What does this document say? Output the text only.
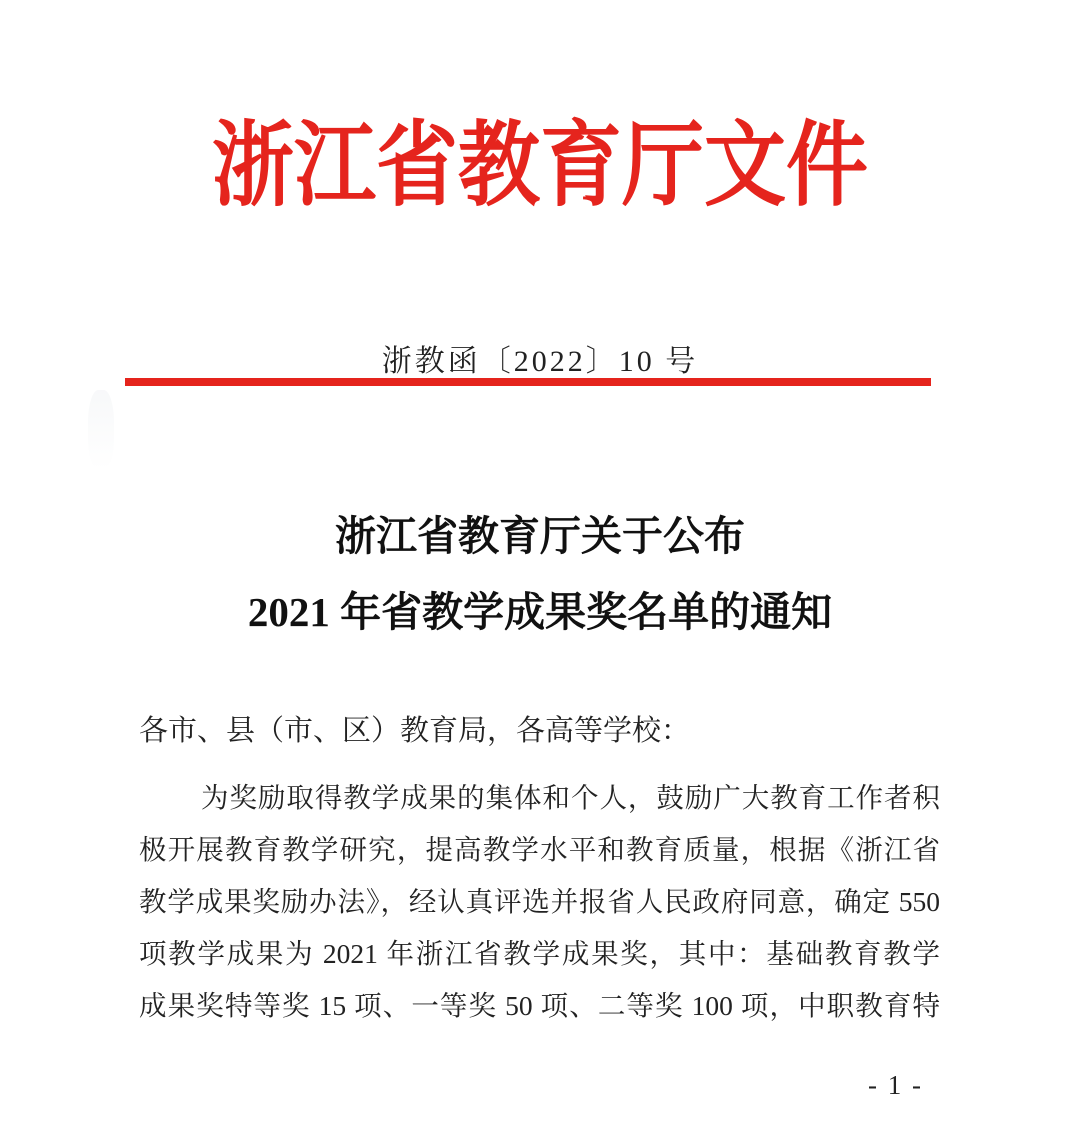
浙江省教育厅文件
浙教函〔2022〕10 号
浙江省教育厅关于公布
2021 年省教学成果奖名单的通知
各市、县（市、区）教育局，各高等学校：
为奖励取得教学成果的集体和个人，鼓励广大教育工作者积
极开展教育教学研究，提高教学水平和教育质量，根据《浙江省
教学成果奖励办法》，经认真评选并报省人民政府同意，确定 550
项教学成果为 2021 年浙江省教学成果奖，其中：基础教育教学
成果奖特等奖 15 项、一等奖 50 项、二等奖 100 项，中职教育特
- 1 -
